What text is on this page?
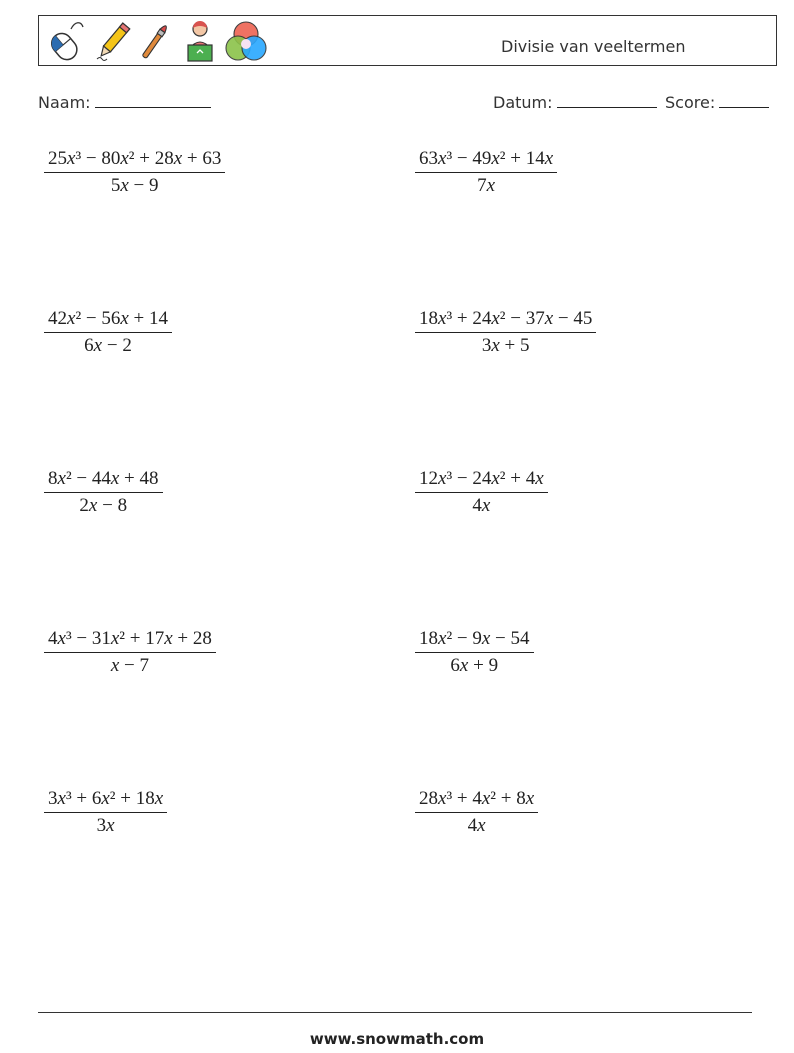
Divisie van veeltermen
Naam:	Datum:	Score:
$\frac{\text{25x³ − 80x² + 28x + 63}}{5x - 9}$	$\frac{\text{63x³ − 49x² + 14x}}{7x}$
$\frac{\text{42x² − 56x + 14}}{6x - 2}$	$\frac{\text{18x³ + 24x² − 37x − 45}}{3x + 5}$
$\frac{\text{8x² − 44x + 48}}{2x - 8}$	$\frac{\text{12x³ − 24x² + 4x}}{4x}$
$\frac{\text{4x³ − 31x² + 17x + 28}}{x - 7}$	$\frac{\text{18x² − 9x − 54}}{6x + 9}$
$\frac{\text{3x³ + 6x² + 18x}}{3x}$	$\frac{\text{28x³ + 4x² + 8x}}{4x}$
www.snowmath.com
